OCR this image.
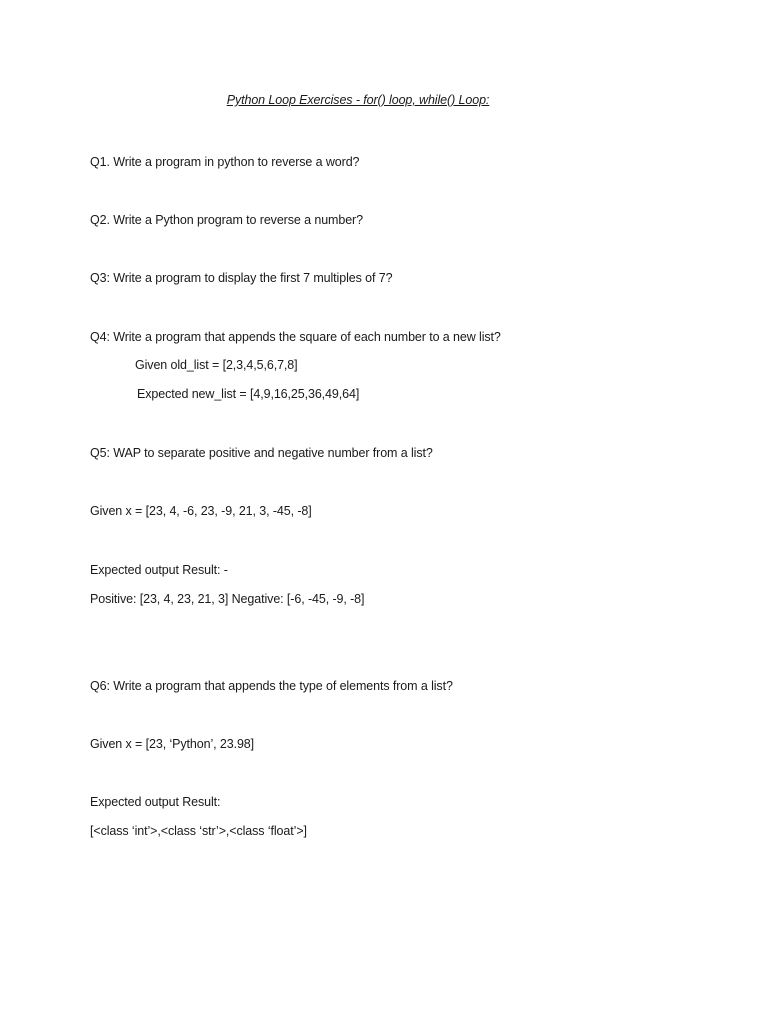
Python Loop Exercises - for() loop, while() Loop:
Q1. Write a program in python to reverse a word?
Q2. Write a Python program to reverse a number?
Q3: Write a program to display the first 7 multiples of 7?
Q4: Write a program that appends the square of each number to a new list?
Given old_list = [2,3,4,5,6,7,8]
Expected new_list = [4,9,16,25,36,49,64]
Q5: WAP to separate positive and negative number from a list?
Given x = [23, 4, -6, 23, -9, 21, 3, -45, -8]
Expected output Result: -
Positive: [23, 4, 23, 21, 3] Negative: [-6, -45, -9, -8]
Q6: Write a program that appends the type of elements from a list?
Given x = [23, ‘Python’, 23.98]
Expected output Result:
[<class ‘int’>,<class ‘str’>,<class ‘float’>]
